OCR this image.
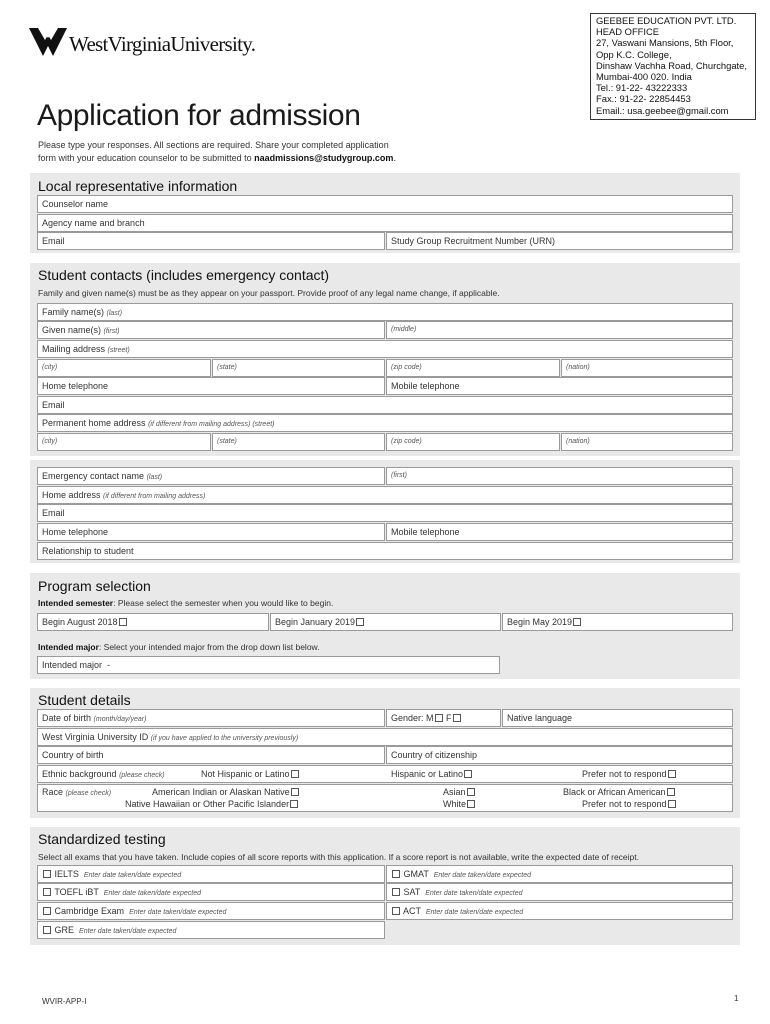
WestVirginiaUniversity.
GEEBEE EDUCATION PVT. LTD.
HEAD OFFICE
27, Vaswani Mansions, 5th Floor,
Opp K.C. College,
Dinshaw Vachha Road, Churchgate,
Mumbai-400 020. India
Tel.: 91-22- 43222333
Fax.: 91-22- 22854453
Email.: usa.geebee@gmail.com
Application for admission
Please type your responses. All sections are required. Share your completed application
form with your education counselor to be submitted to naadmissions@studygroup.com.
Local representative information
Counselor name
Agency name and branch
Email	Study Group Recruitment Number (URN)
Student contacts (includes emergency contact)
Family and given name(s) must be as they appear on your passport. Provide proof of any legal name change, if applicable.
Family name(s) (last)
Given name(s) (first)	(middle)
Mailing address (street)
(city)	(state)	(zip code)	(nation)
Home telephone	Mobile telephone
Email
Permanent home address (if different from mailing address) (street)
(city)	(state)	(zip code)	(nation)
Emergency contact name (last)	(first)
Home address (if different from mailing address)
Email
Home telephone	Mobile telephone
Relationship to student
Program selection
Intended semester: Please select the semester when you would like to begin.
Begin August 2018	Begin January 2019	Begin May 2019
Intended major: Select your intended major from the drop down list below.
Intended major -
Student details
Date of birth (month/day/year)	Gender: M F	Native language
West Virginia University ID (if you have applied to the university previously)
Country of birth	Country of citizenship
Ethnic background (please check)	Not Hispanic or Latino	Hispanic or Latino	Prefer not to respond
Race (please check)	American Indian or Alaskan Native	Asian	Black or African American
Native Hawaiian or Other Pacific Islander	White	Prefer not to respond
Standardized testing
Select all exams that you have taken. Include copies of all score reports with this application. If a score report is not available, write the expected date of receipt.
IELTS Enter date taken/date expected	GMAT Enter date taken/date expected
TOEFL iBT Enter date taken/date expected	SAT Enter date taken/date expected
Cambridge Exam Enter date taken/date expected	ACT Enter date taken/date expected
GRE Enter date taken/date expected
WVIR-APP-I	1
